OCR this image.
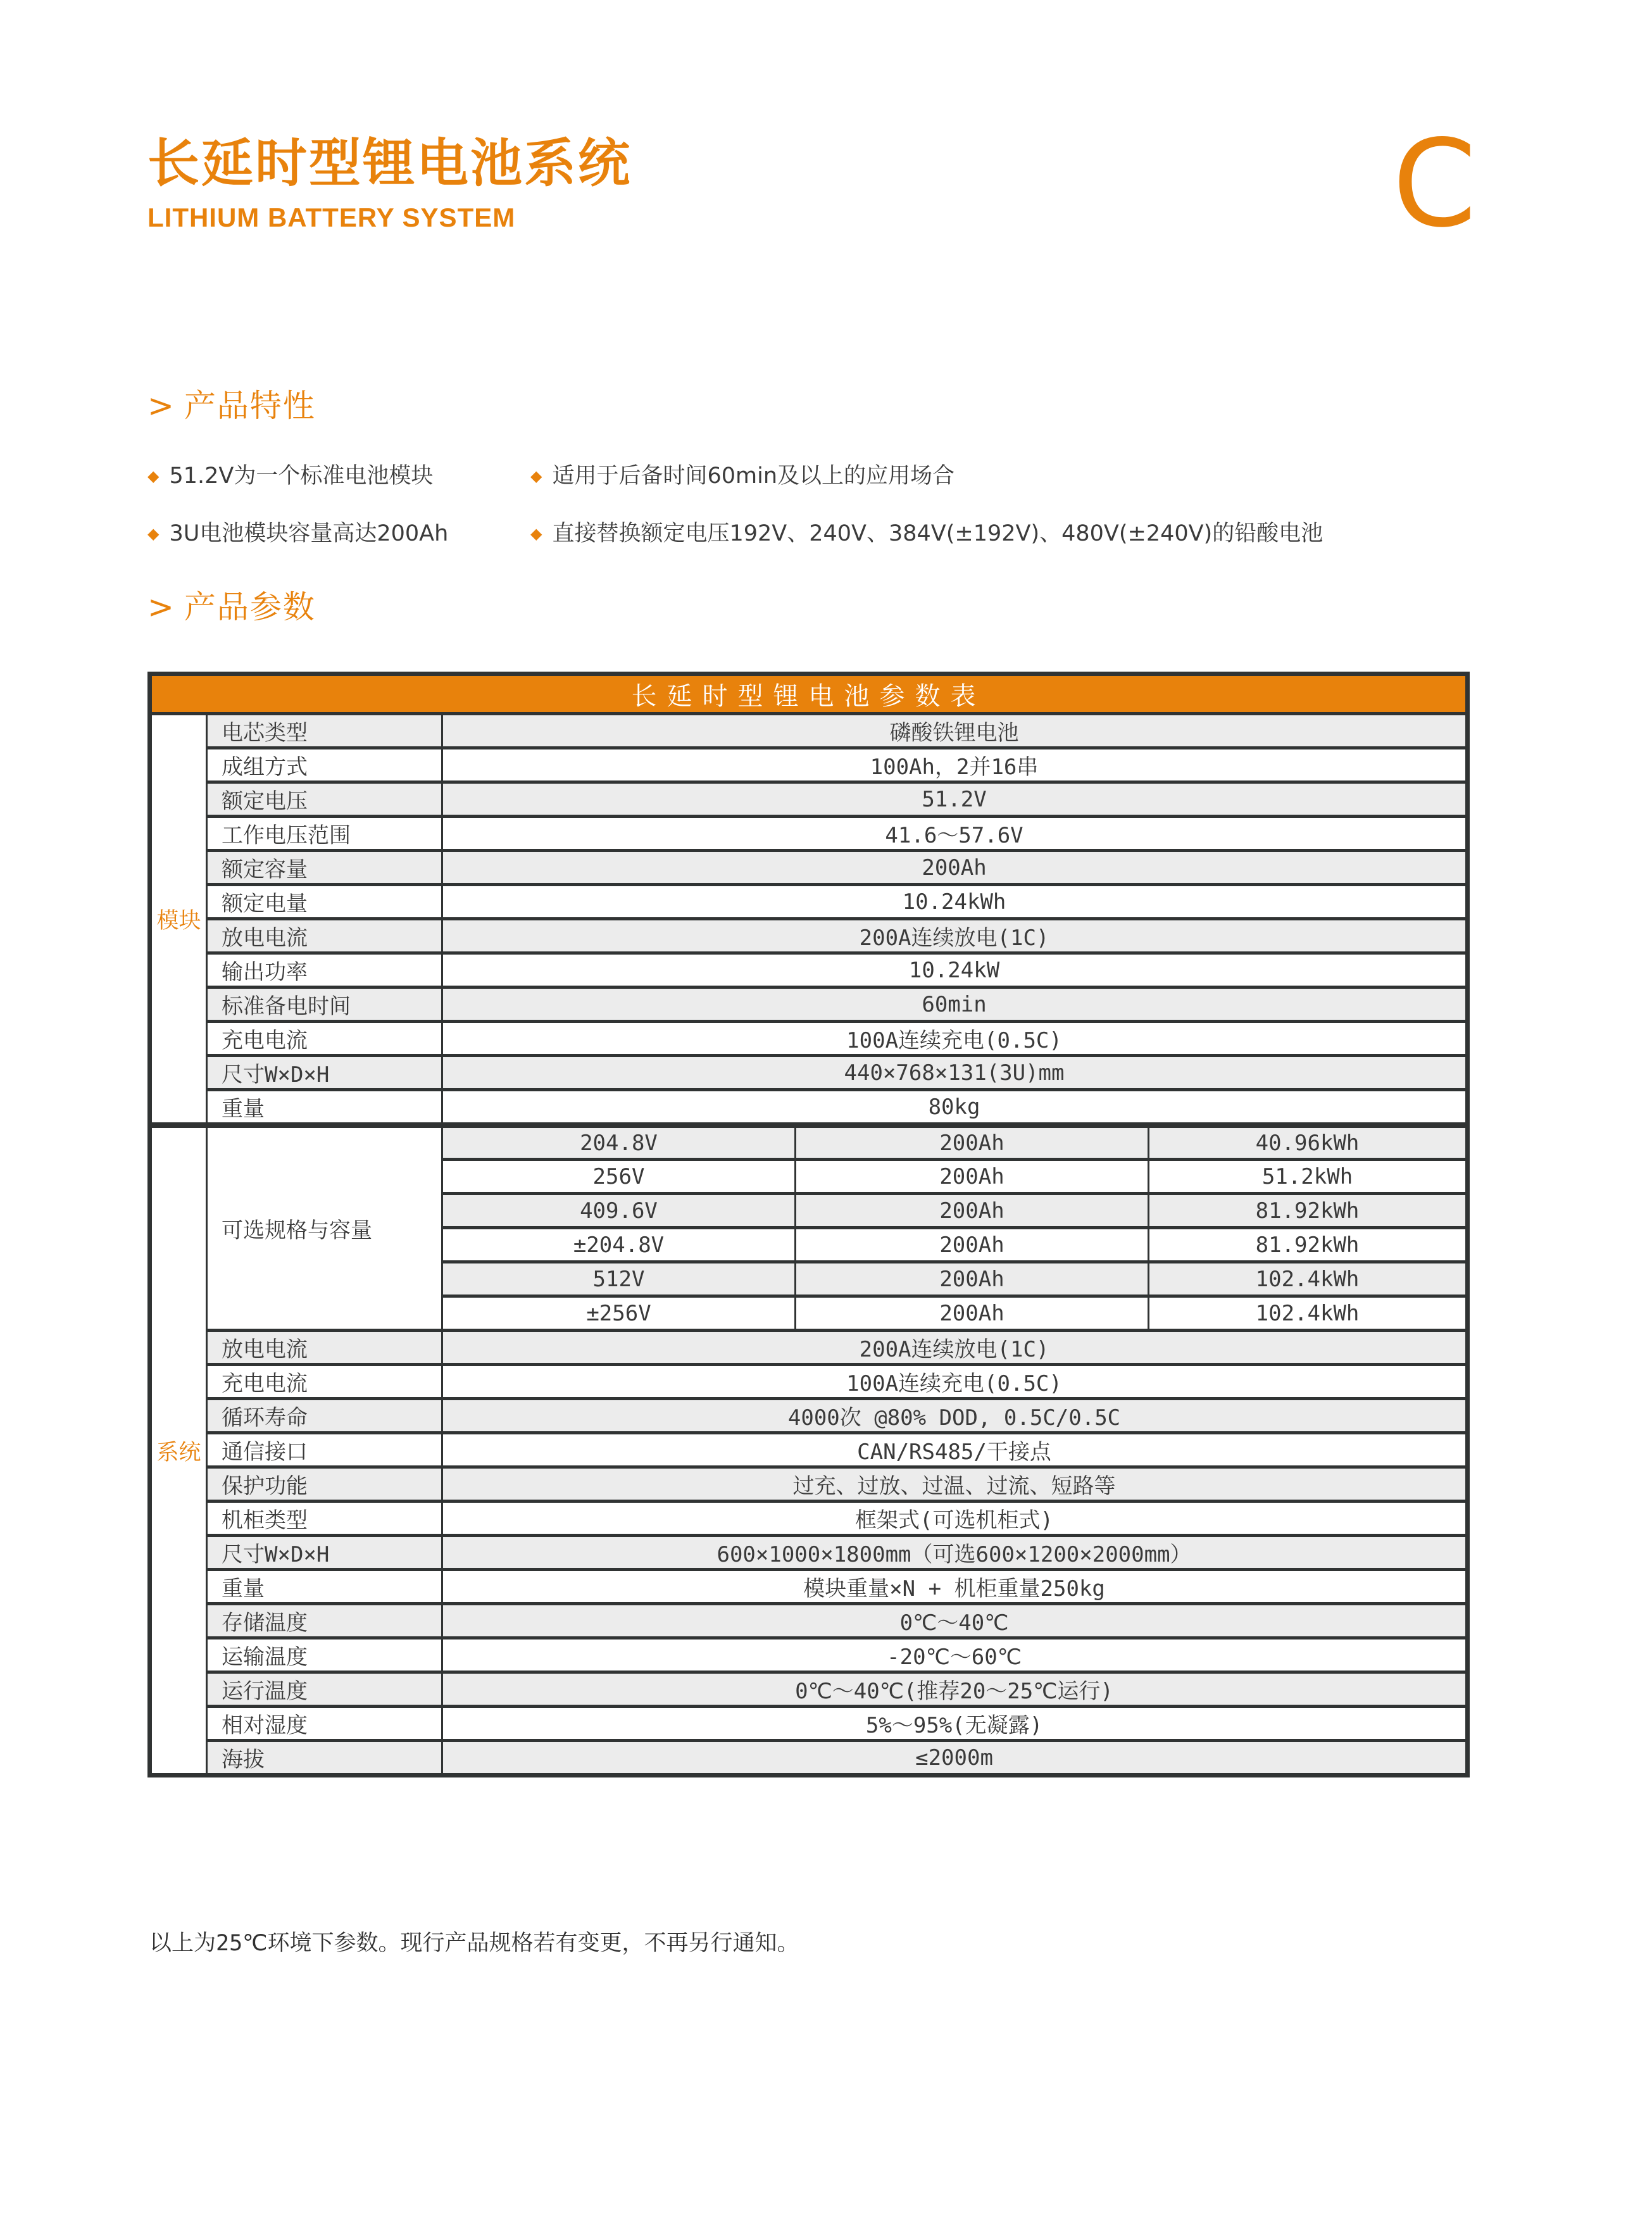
长延时型锂电池系统
LITHIUM BATTERY SYSTEM	C
> 产品特性
◆ 51.2V为一个标准电池模块	◆ 适用于后备时间60min及以上的应用场合
◆ 3U电池模块容量高达200Ah	◆ 直接替换额定电压192V、240V、384V(±192V)、480V(±240V)的铅酸电池
> 产品参数
长延时型锂电池参数表				
模块	电芯类型	磷酸铁锂电池		
	成组方式	100Ah，2并16串		
	额定电压	51.2V		
	工作电压范围	41.6～57.6V		
	额定容量	200Ah		
	额定电量	10.24kWh		
	放电电流	200A连续放电(1C)		
	输出功率	10.24kW		
	标准备电时间	60min		
	充电电流	100A连续充电(0.5C)		
	尺寸W×D×H	440×768×131(3U)mm		
	重量	80kg		
系统	可选规格与容量	204.8V	200Ah	40.96kWh
		256V	200Ah	51.2kWh
		409.6V	200Ah	81.92kWh
		±204.8V	200Ah	81.92kWh
		512V	200Ah	102.4kWh
		±256V	200Ah	102.4kWh
	放电电流	200A连续放电(1C)		
	充电电流	100A连续充电(0.5C)		
	循环寿命	4000次 @80% DOD, 0.5C/0.5C		
	通信接口	CAN/RS485/干接点		
	保护功能	过充、过放、过温、过流、短路等		
	机柜类型	框架式(可选机柜式)		
	尺寸W×D×H	600×1000×1800mm（可选600×1200×2000mm）		
	重量	模块重量×N + 机柜重量250kg		
	存储温度	0℃～40℃		
	运输温度	-20℃～60℃		
	运行温度	0℃～40℃(推荐20～25℃运行)		
	相对湿度	5%～95%(无凝露)		
	海拔	≤2000m		

以上为25℃环境下参数。现行产品规格若有变更，不再另行通知。
